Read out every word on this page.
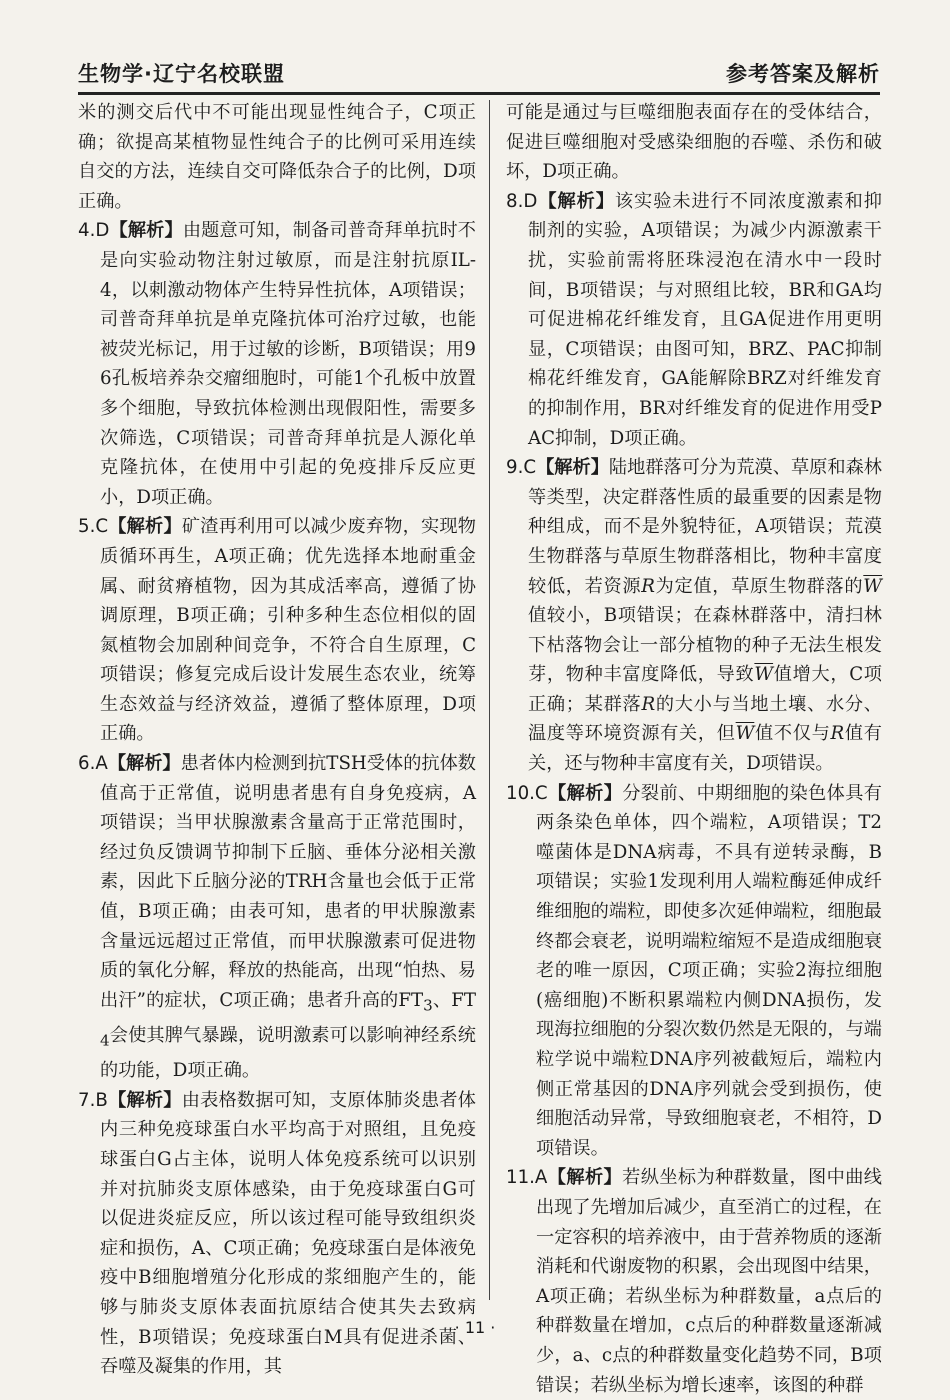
生物学·辽宁名校联盟	参考答案及解析

米的测交后代中不可能出现显性纯合子，C项正确；欲提高某植物显性纯合子的比例可采用连续自交的方法，连续自交可降低杂合子的比例，D项正确。

4.D【解析】由题意可知，制备司普奇拜单抗时不是向实验动物注射过敏原，而是注射抗原IL-4，以刺激动物体产生特异性抗体，A项错误；司普奇拜单抗是单克隆抗体可治疗过敏，也能被荧光标记，用于过敏的诊断，B项错误；用96孔板培养杂交瘤细胞时，可能1个孔板中放置多个细胞，导致抗体检测出现假阳性，需要多次筛选，C项错误；司普奇拜单抗是人源化单克隆抗体，在使用中引起的免疫排斥反应更小，D项正确。

5.C【解析】矿渣再利用可以减少废弃物，实现物质循环再生，A项正确；优先选择本地耐重金属、耐贫瘠植物，因为其成活率高，遵循了协调原理，B项正确；引种多种生态位相似的固氮植物会加剧种间竞争，不符合自生原理，C项错误；修复完成后设计发展生态农业，统筹生态效益与经济效益，遵循了整体原理，D项正确。

6.A【解析】患者体内检测到抗TSH受体的抗体数值高于正常值，说明患者患有自身免疫病，A项错误；当甲状腺激素含量高于正常范围时，经过负反馈调节抑制下丘脑、垂体分泌相关激素，因此下丘脑分泌的TRH含量也会低于正常值，B项正确；由表可知，患者的甲状腺激素含量远远超过正常值，而甲状腺激素可促进物质的氧化分解，释放的热能高，出现“怕热、易出汗”的症状，C项正确；患者升高的$FT_3$、$FT_4$会使其脾气暴躁，说明激素可以影响神经系统的功能，D项正确。

7.B【解析】由表格数据可知，支原体肺炎患者体内三种免疫球蛋白水平均高于对照组，且免疫球蛋白G占主体，说明人体免疫系统可以识别并对抗肺炎支原体感染，由于免疫球蛋白G可以促进炎症反应，所以该过程可能导致组织炎症和损伤，A、C项正确；免疫球蛋白是体液免疫中B细胞增殖分化形成的浆细胞产生的，能够与肺炎支原体表面抗原结合使其失去致病性，B项错误；免疫球蛋白M具有促进杀菌、吞噬及凝集的作用，其

可能是通过与巨噬细胞表面存在的受体结合，促进巨噬细胞对受感染细胞的吞噬、杀伤和破坏，D项正确。

8.D【解析】该实验未进行不同浓度激素和抑制剂的实验，A项错误；为减少内源激素干扰，实验前需将胚珠浸泡在清水中一段时间，B项错误；与对照组比较，BR和GA均可促进棉花纤维发育，且GA促进作用更明显，C项错误；由图可知，BRZ、PAC抑制棉花纤维发育，GA能解除BRZ对纤维发育的抑制作用，BR对纤维发育的促进作用受PAC抑制，D项正确。

9.C【解析】陆地群落可分为荒漠、草原和森林等类型，决定群落性质的最重要的因素是物种组成，而不是外貌特征，A项错误；荒漠生物群落与草原生物群落相比，物种丰富度较低，若资源R为定值，草原生物群落的$\overline{W}$值较小，B项错误；在森林群落中，清扫林下枯落物会让一部分植物的种子无法生根发芽，物种丰富度降低，导致$\overline{W}$值增大，C项正确；某群落R的大小与当地土壤、水分、温度等环境资源有关，但$\overline{W}$值不仅与R值有关，还与物种丰富度有关，D项错误。

10.C【解析】分裂前、中期细胞的染色体具有两条染色单体，四个端粒，A项错误；T2噬菌体是DNA病毒，不具有逆转录酶，B项错误；实验1发现利用人端粒酶延伸成纤维细胞的端粒，即使多次延伸端粒，细胞最终都会衰老，说明端粒缩短不是造成细胞衰老的唯一原因，C项正确；实验2海拉细胞(癌细胞)不断积累端粒内侧DNA损伤，发现海拉细胞的分裂次数仍然是无限的，与端粒学说中端粒DNA序列被截短后，端粒内侧正常基因的DNA序列就会受到损伤，使细胞活动异常，导致细胞衰老，不相符，D项错误。

11.A【解析】若纵坐标为种群数量，图中曲线出现了先增加后减少，直至消亡的过程，在一定容积的培养液中，由于营养物质的逐渐消耗和代谢废物的积累，会出现图中结果，A项正确；若纵坐标为种群数量，a点后的种群数量在增加，c点后的种群数量逐渐减少，a、c点的种群数量变化趋势不同，B项错误；若纵坐标为增长速率，该图的种群

· 11 ·
